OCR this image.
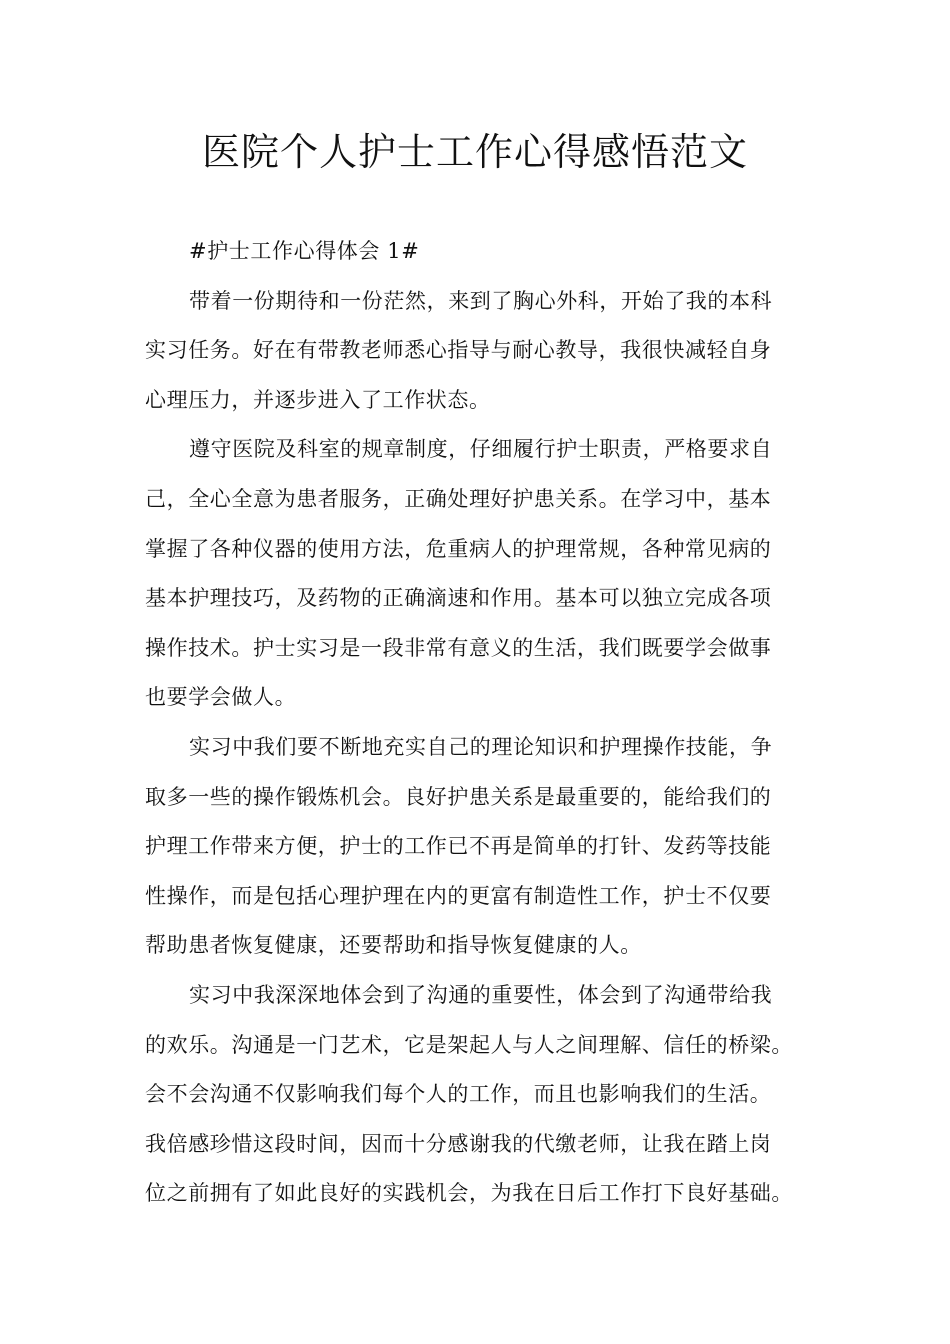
医院个人护士工作心得感悟范文
#护士工作心得体会 1#
带着一份期待和一份茫然，来到了胸心外科，开始了我的本科
实习任务。好在有带教老师悉心指导与耐心教导，我很快减轻自身
心理压力，并逐步进入了工作状态。
遵守医院及科室的规章制度，仔细履行护士职责，严格要求自
己，全心全意为患者服务，正确处理好护患关系。在学习中，基本
掌握了各种仪器的使用方法，危重病人的护理常规，各种常见病的
基本护理技巧，及药物的正确滴速和作用。基本可以独立完成各项
操作技术。护士实习是一段非常有意义的生活，我们既要学会做事
也要学会做人。
实习中我们要不断地充实自己的理论知识和护理操作技能，争
取多一些的操作锻炼机会。良好护患关系是最重要的，能给我们的
护理工作带来方便，护士的工作已不再是简单的打针、发药等技能
性操作，而是包括心理护理在内的更富有制造性工作，护士不仅要
帮助患者恢复健康，还要帮助和指导恢复健康的人。
实习中我深深地体会到了沟通的重要性，体会到了沟通带给我
的欢乐。沟通是一门艺术，它是架起人与人之间理解、信任的桥梁。
会不会沟通不仅影响我们每个人的工作，而且也影响我们的生活。
我倍感珍惜这段时间，因而十分感谢我的代缴老师，让我在踏上岗
位之前拥有了如此良好的实践机会，为我在日后工作打下良好基础。
